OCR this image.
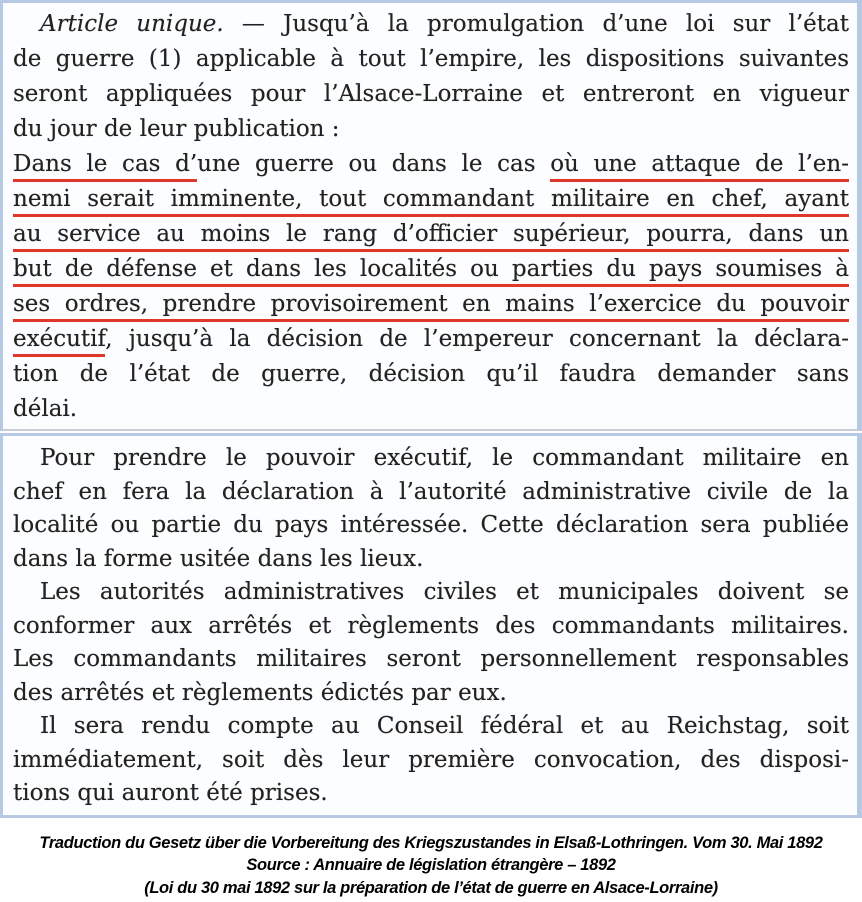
Article unique. — Jusqu’à la promulgation d’une loi sur l’état
de guerre (1) applicable à tout l’empire, les dispositions suivantes
seront appliquées pour l’Alsace-Lorraine et entreront en vigueur
du jour de leur publication :
Dans le cas d’une guerre ou dans le cas où une attaque de l’en-
nemi serait imminente, tout commandant militaire en chef, ayant
au service au moins le rang d’officier supérieur, pourra, dans un
but de défense et dans les localités ou parties du pays soumises à
ses ordres, prendre provisoirement en mains l’exercice du pouvoir
exécutif, jusqu’à la décision de l’empereur concernant la déclara-
tion de l’état de guerre, décision qu’il faudra demander sans
délai.
Pour prendre le pouvoir exécutif, le commandant militaire en
chef en fera la déclaration à l’autorité administrative civile de la
localité ou partie du pays intéressée. Cette déclaration sera publiée
dans la forme usitée dans les lieux.
Les autorités administratives civiles et municipales doivent se
conformer aux arrêtés et règlements des commandants militaires.
Les commandants militaires seront personnellement responsables
des arrêtés et règlements édictés par eux.
Il sera rendu compte au Conseil fédéral et au Reichstag, soit
immédiatement, soit dès leur première convocation, des disposi-
tions qui auront été prises.
Traduction du Gesetz über die Vorbereitung des Kriegszustandes in Elsaß-Lothringen. Vom 30. Mai 1892
Source : Annuaire de législation étrangère – 1892
(Loi du 30 mai 1892 sur la préparation de l’état de guerre en Alsace-Lorraine)
